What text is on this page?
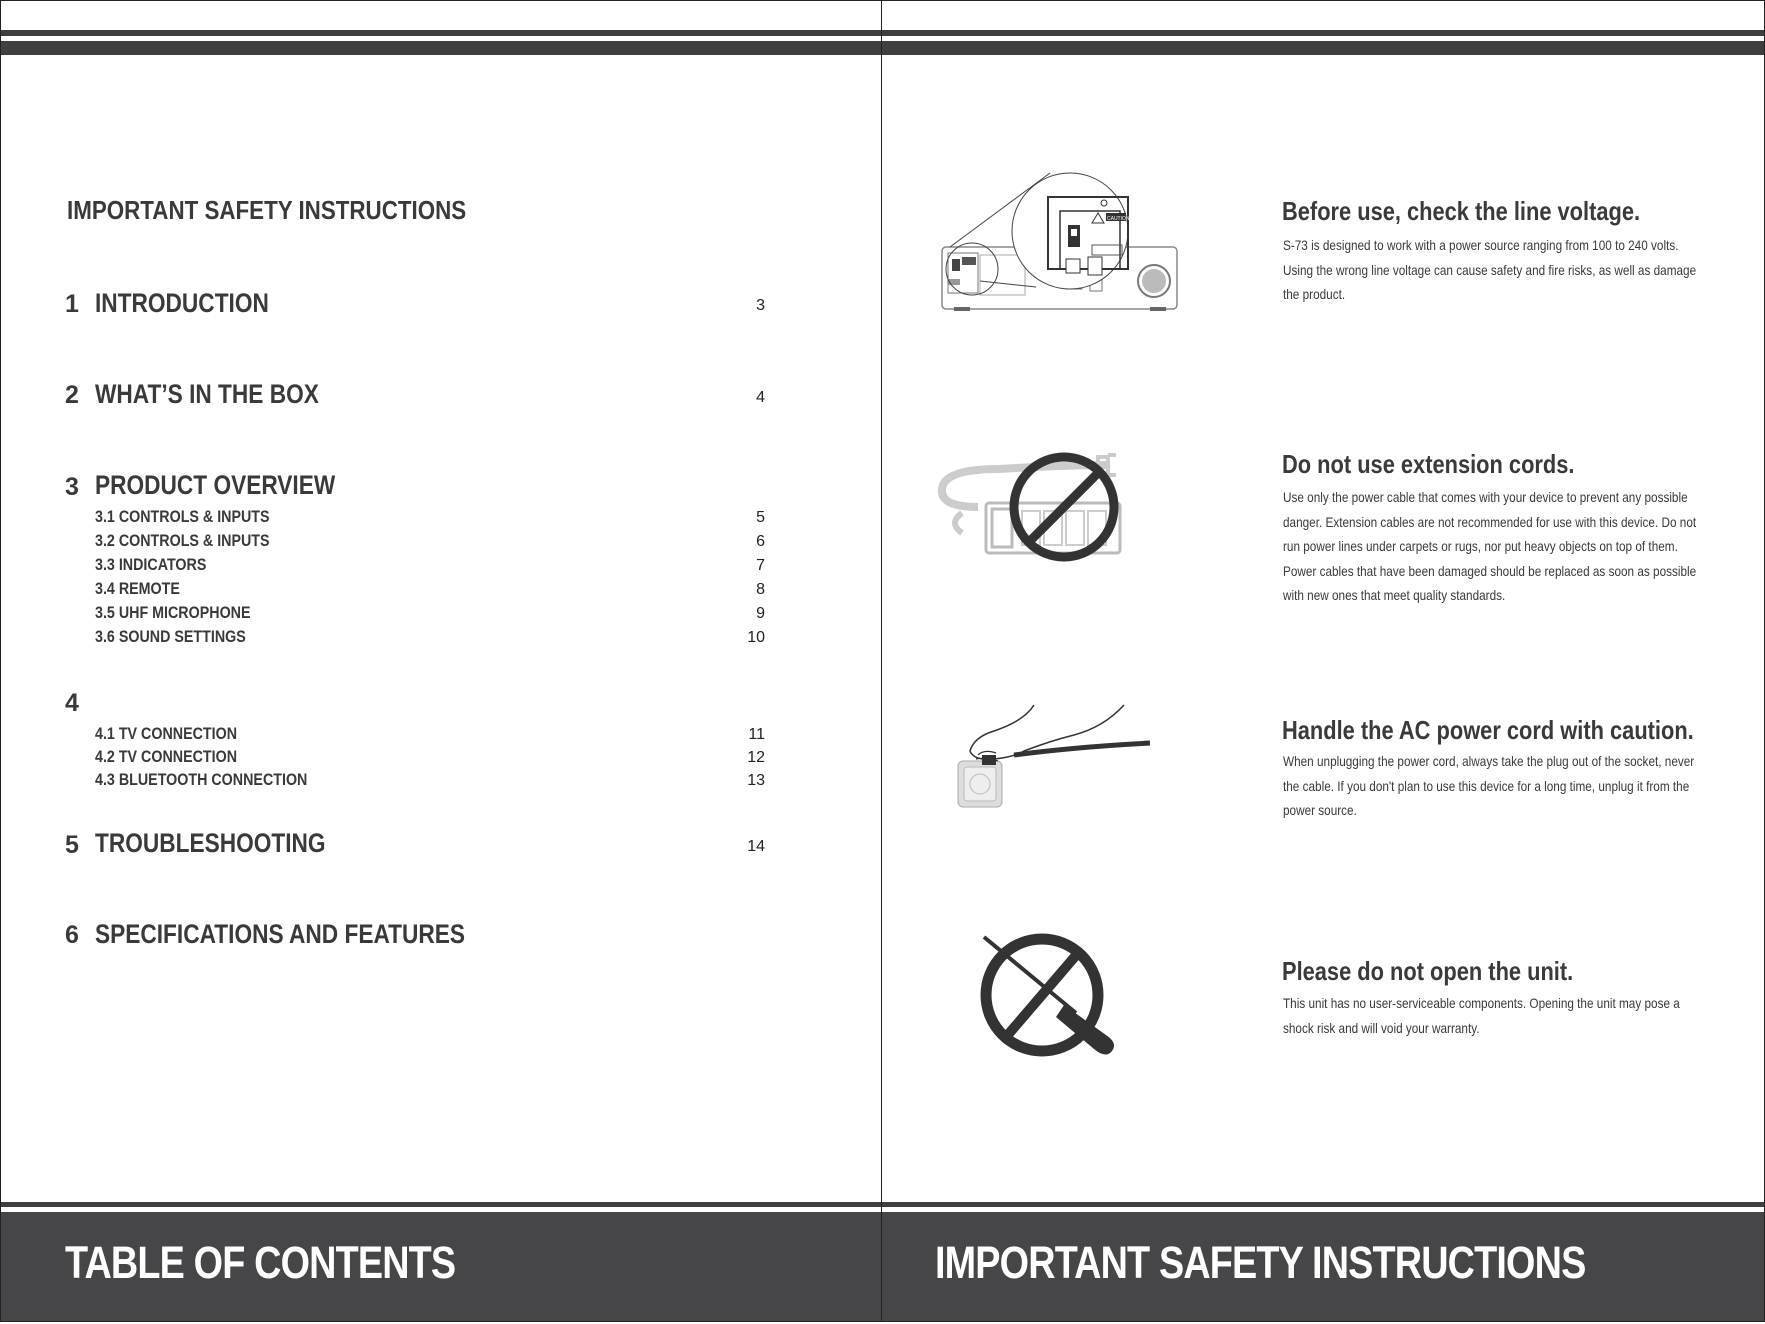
IMPORTANT SAFETY INSTRUCTIONS
1 INTRODUCTION	3
2 WHAT’S IN THE BOX	4
3 PRODUCT OVERVIEW
3.1 CONTROLS & INPUTS	5
3.2 CONTROLS & INPUTS	6
3.3 INDICATORS	7
3.4 REMOTE	8
3.5 UHF MICROPHONE	9
3.6 SOUND SETTINGS	10
4
4.1 TV CONNECTION	11
4.2 TV CONNECTION	12
4.3 BLUETOOTH CONNECTION	13
5 TROUBLESHOOTING	14
6 SPECIFICATIONS AND FEATURES
TABLE OF CONTENTS
CAUTION	Before use, check the line voltage.
S-73 is designed to work with a power source ranging from 100 to 240 volts. Using the wrong line voltage can cause safety and fire risks, as well as damage the product.
Do not use extension cords.
Use only the power cable that comes with your device to prevent any possible danger. Extension cables are not recommended for use with this device. Do not run power lines under carpets or rugs, nor put heavy objects on top of them. Power cables that have been damaged should be replaced as soon as possible with new ones that meet quality standards.
Handle the AC power cord with caution.
When unplugging the power cord, always take the plug out of the socket, never the cable. If you don't plan to use this device for a long time, unplug it from the power source.
Please do not open the unit.
This unit has no user-serviceable components. Opening the unit may pose a shock risk and will void your warranty.
IMPORTANT SAFETY INSTRUCTIONS
